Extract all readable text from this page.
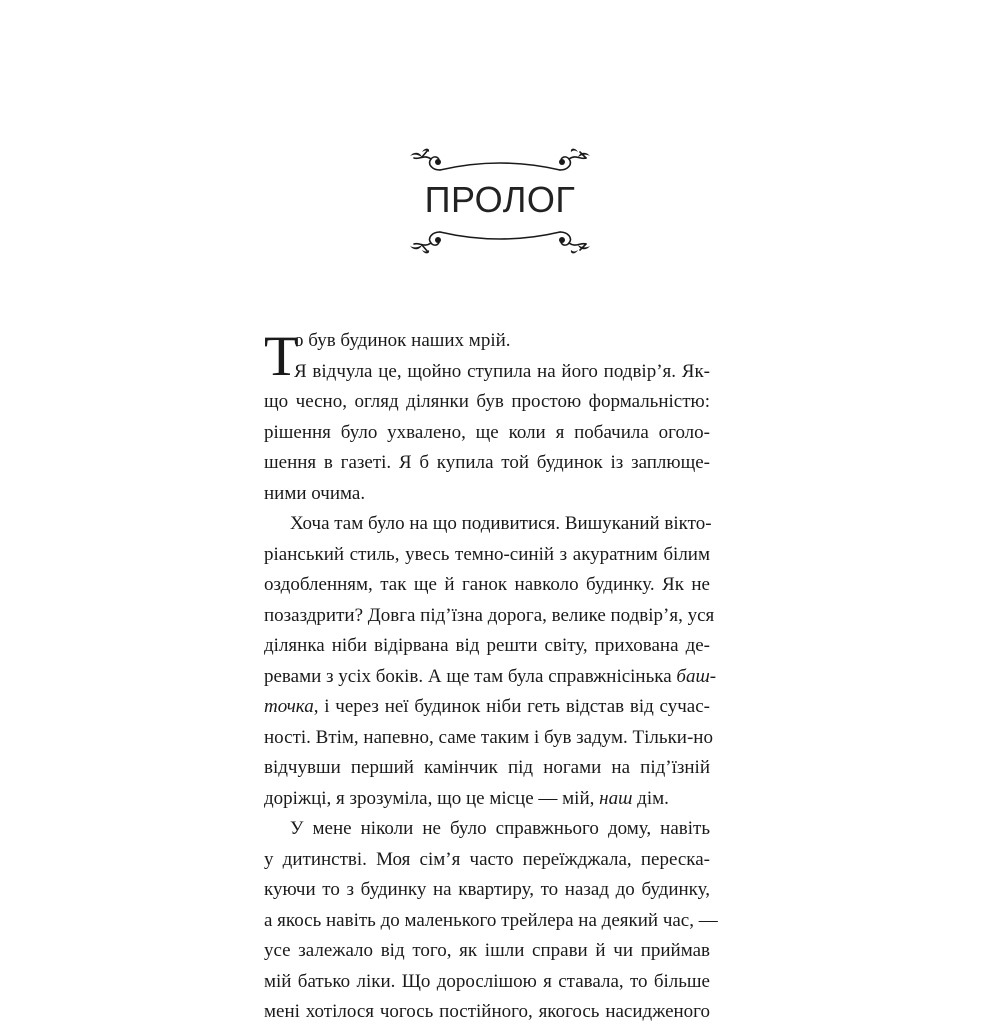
ПРОЛОГ
Т
о був будинок наших мрій.
Я відчула це, щойно ступила на його подвір’я. Як-
що чесно, огляд ділянки був простою формальністю:
рішення було ухвалено, ще коли я побачила оголо-
шення в газеті. Я б купила той будинок із заплюще-
ними очима.
Хоча там було на що подивитися. Вишуканий вікто-
ріанський стиль, увесь темно-синій з акуратним білим
оздобленням, так ще й ганок навколо будинку. Як не
позаздрити? Довга під’їзна дорога, велике подвір’я, уся
ділянка ніби відірвана від решти світу, прихована де-
ревами з усіх боків. А ще там була справжнісінька баш-
точка, і через неї будинок ніби геть відстав від сучас-
ності. Втім, напевно, саме таким і був задум. Тільки-но
відчувши перший камінчик під ногами на під’їзній
доріжці, я зрозуміла, що це місце — мій, наш дім.
У мене ніколи не було справжнього дому, навіть
у дитинстві. Моя сім’я часто переїжджала, переска-
куючи то з будинку на квартиру, то назад до будинку,
а якось навіть до маленького трейлера на деякий час, —
усе залежало від того, як ішли справи й чи приймав
мій батько ліки. Що дорослішою я ставала, то більше
мені хотілося чогось постійного, якогось насидженого
